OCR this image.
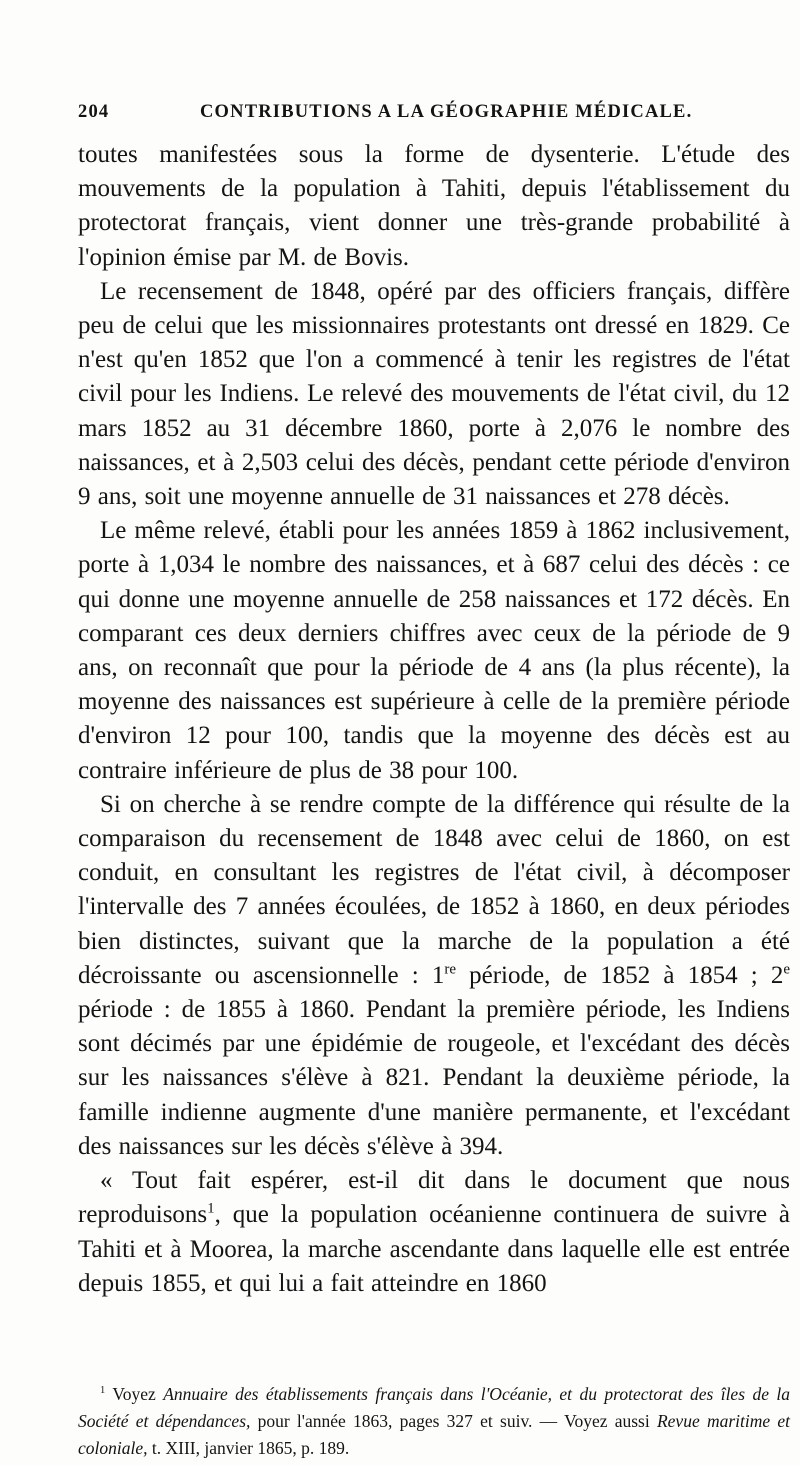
204	CONTRIBUTIONS A LA GÉOGRAPHIE MÉDICALE.

toutes manifestées sous la forme de dysenterie. L'étude des mouvements de la population à Tahiti, depuis l'établissement du protectorat français, vient donner une très-grande probabilité à l'opinion émise par M. de Bovis.

Le recensement de 1848, opéré par des officiers français, diffère peu de celui que les missionnaires protestants ont dressé en 1829. Ce n'est qu'en 1852 que l'on a commencé à tenir les registres de l'état civil pour les Indiens. Le relevé des mouvements de l'état civil, du 12 mars 1852 au 31 décembre 1860, porte à 2,076 le nombre des naissances, et à 2,503 celui des décès, pendant cette période d'environ 9 ans, soit une moyenne annuelle de 31 naissances et 278 décès.

Le même relevé, établi pour les années 1859 à 1862 inclusivement, porte à 1,034 le nombre des naissances, et à 687 celui des décès : ce qui donne une moyenne annuelle de 258 naissances et 172 décès. En comparant ces deux derniers chiffres avec ceux de la période de 9 ans, on reconnaît que pour la période de 4 ans (la plus récente), la moyenne des naissances est supérieure à celle de la première période d'environ 12 pour 100, tandis que la moyenne des décès est au contraire inférieure de plus de 38 pour 100.

Si on cherche à se rendre compte de la différence qui résulte de la comparaison du recensement de 1848 avec celui de 1860, on est conduit, en consultant les registres de l'état civil, à décomposer l'intervalle des 7 années écoulées, de 1852 à 1860, en deux périodes bien distinctes, suivant que la marche de la population a été décroissante ou ascensionnelle : 1re période, de 1852 à 1854 ; 2e période : de 1855 à 1860. Pendant la première période, les Indiens sont décimés par une épidémie de rougeole, et l'excédant des décès sur les naissances s'élève à 821. Pendant la deuxième période, la famille indienne augmente d'une manière permanente, et l'excédant des naissances sur les décès s'élève à 394.

« Tout fait espérer, est-il dit dans le document que nous reproduisons$^1$, que la population océanienne continuera de suivre à Tahiti et à Moorea, la marche ascendante dans laquelle elle est entrée depuis 1855, et qui lui a fait atteindre en 1860

$^1$ Voyez Annuaire des établissements français dans l'Océanie, et du protectorat des îles de la Société et dépendances, pour l'année 1863, pages 327 et suiv. — Voyez aussi Revue maritime et coloniale, t. XIII, janvier 1865, p. 189.
